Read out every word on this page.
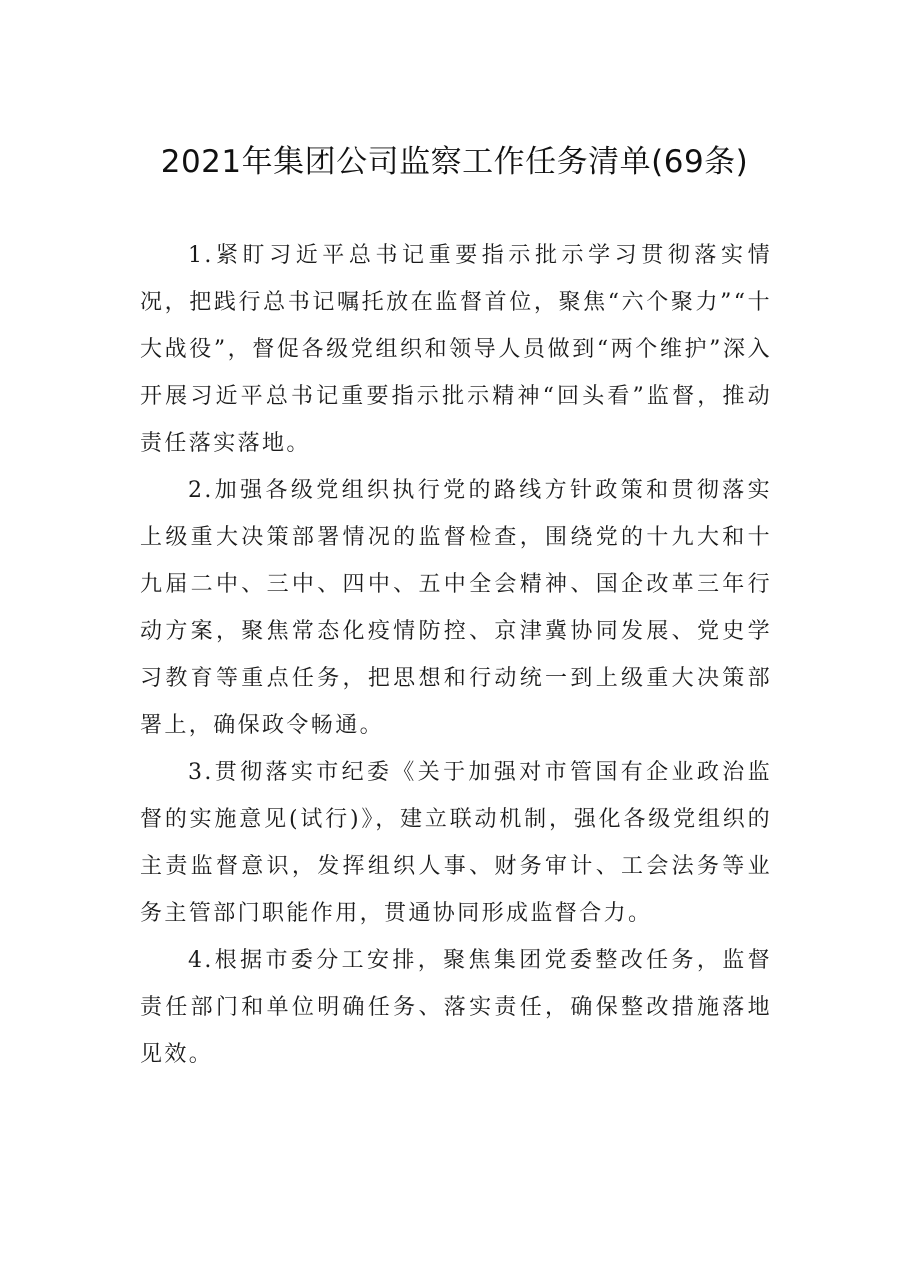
2021年集团公司监察工作任务清单(69条)

1.紧盯习近平总书记重要指示批示学习贯彻落实情况，把践行总书记嘱托放在监督首位，聚焦“六个聚力”“十大战役”，督促各级党组织和领导人员做到“两个维护”深入开展习近平总书记重要指示批示精神“回头看”监督，推动责任落实落地。

2.加强各级党组织执行党的路线方针政策和贯彻落实上级重大决策部署情况的监督检查，围绕党的十九大和十九届二中、三中、四中、五中全会精神、国企改革三年行动方案，聚焦常态化疫情防控、京津冀协同发展、党史学习教育等重点任务，把思想和行动统一到上级重大决策部署上，确保政令畅通。

3.贯彻落实市纪委《关于加强对市管国有企业政治监督的实施意见(试行)》，建立联动机制，强化各级党组织的主责监督意识，发挥组织人事、财务审计、工会法务等业务主管部门职能作用，贯通协同形成监督合力。

4.根据市委分工安排，聚焦集团党委整改任务，监督责任部门和单位明确任务、落实责任，确保整改措施落地见效。
